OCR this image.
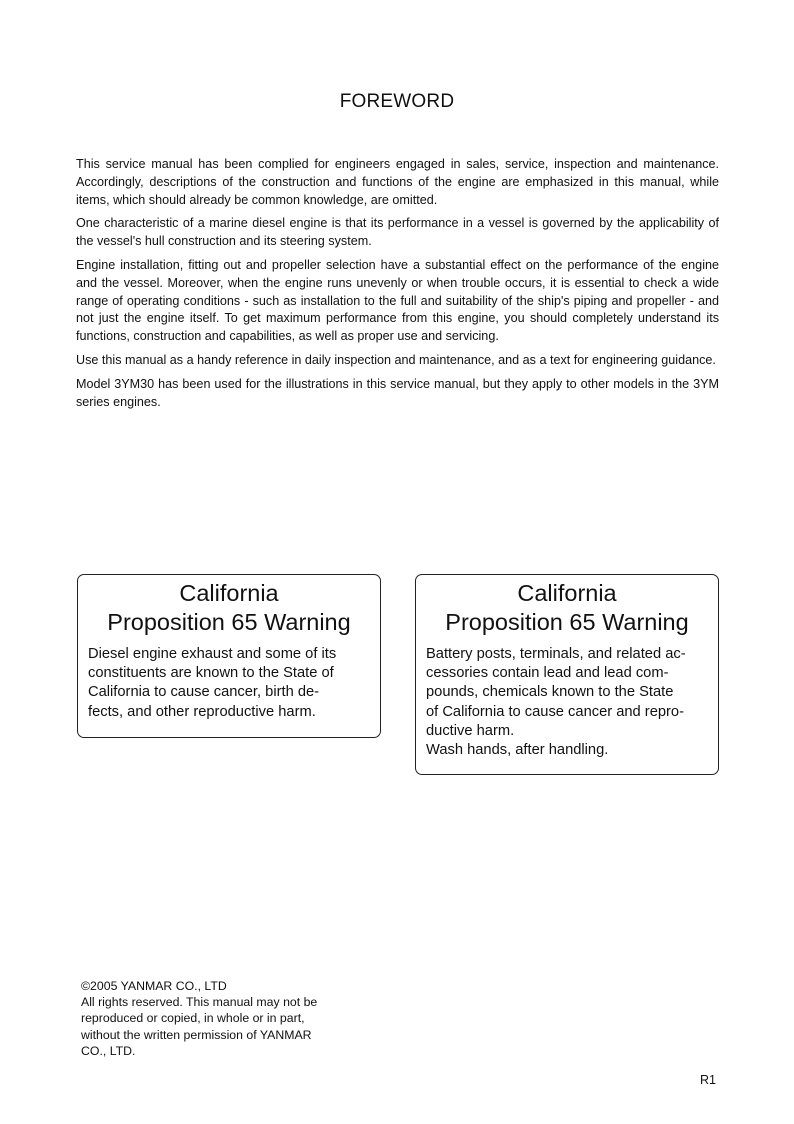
FOREWORD

This service manual has been complied for engineers engaged in sales, service, inspection and maintenance. Accordingly, descriptions of the construction and functions of the engine are emphasized in this manual, while items, which should already be common knowledge, are omitted.

One characteristic of a marine diesel engine is that its performance in a vessel is governed by the applicability of the vessel's hull construction and its steering system.

Engine installation, fitting out and propeller selection have a substantial effect on the performance of the engine and the vessel. Moreover, when the engine runs unevenly or when trouble occurs, it is essential to check a wide range of operating conditions - such as installation to the full and suitability of the ship's piping and propeller - and not just the engine itself. To get maximum performance from this engine, you should completely understand its functions, construction and capabilities, as well as proper use and servicing.

Use this manual as a handy reference in daily inspection and maintenance, and as a text for engineering guidance.

Model 3YM30 has been used for the illustrations in this service manual, but they apply to other models in the 3YM series engines.

California
Proposition 65 Warning
Diesel engine exhaust and some of its
constituents are known to the State of
California to cause cancer, birth de-
fects, and other reproductive harm.
California
Proposition 65 Warning
Battery posts, terminals, and related ac-
cessories contain lead and lead com-
pounds, chemicals known to the State
of California to cause cancer and repro-
ductive harm.
Wash hands, after handling.
©2005 YANMAR CO., LTD
All rights reserved. This manual may not be
reproduced or copied, in whole or in part,
without the written permission of YANMAR
CO., LTD.
R1
